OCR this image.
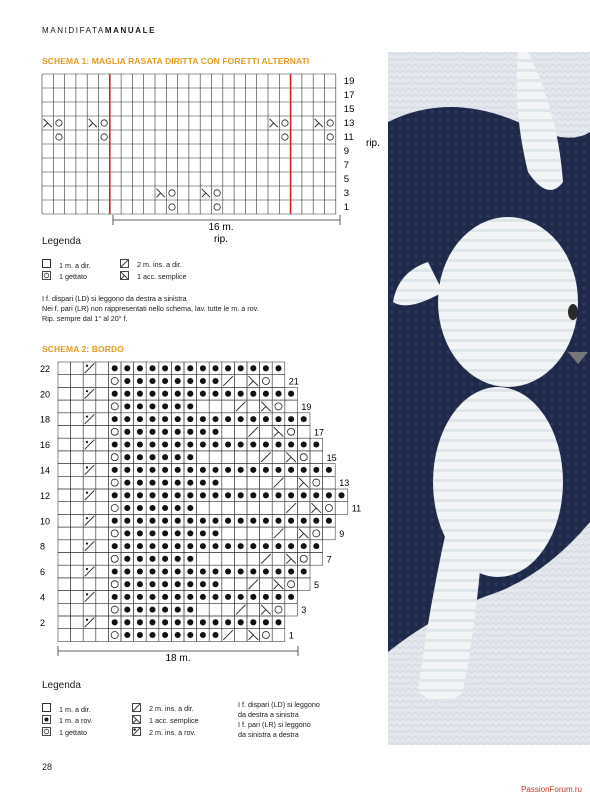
MANIDIFATAMANUALE
SCHEMA 1: MAGLIA RASATA DIRITTA CON FORETTI ALTERNATI
19
17
15
13
11
9
7
5
3
1
rip.
16 m.
rip.
Legenda
1 m. a dir.	2 m. ins. a dir.
1 gettato	1 acc. semplice
I f. dispari (LD) si leggono da destra a sinistra
Nei f. pari (LR) non rappresentati nello schema, lav. tutte le m. a rov.
Rip. sempre dal 1° al 20° f.
SCHEMA 2: BORDO
22
20
18
16
14
12
10
8
6
4
2
21
19
17
15
13
11
9
7
5
3
1
18 m.
Legenda
1 m. a dir.	2 m. ins. a dir.
1 m. a rov.	1 acc. semplice
1 gettato	2 m. ins. a rov.
I f. dispari (LD) si leggono
da destra a sinistra
I f. pari (LR) si leggono
da sinistra a destra
28
PassionForum.ru
